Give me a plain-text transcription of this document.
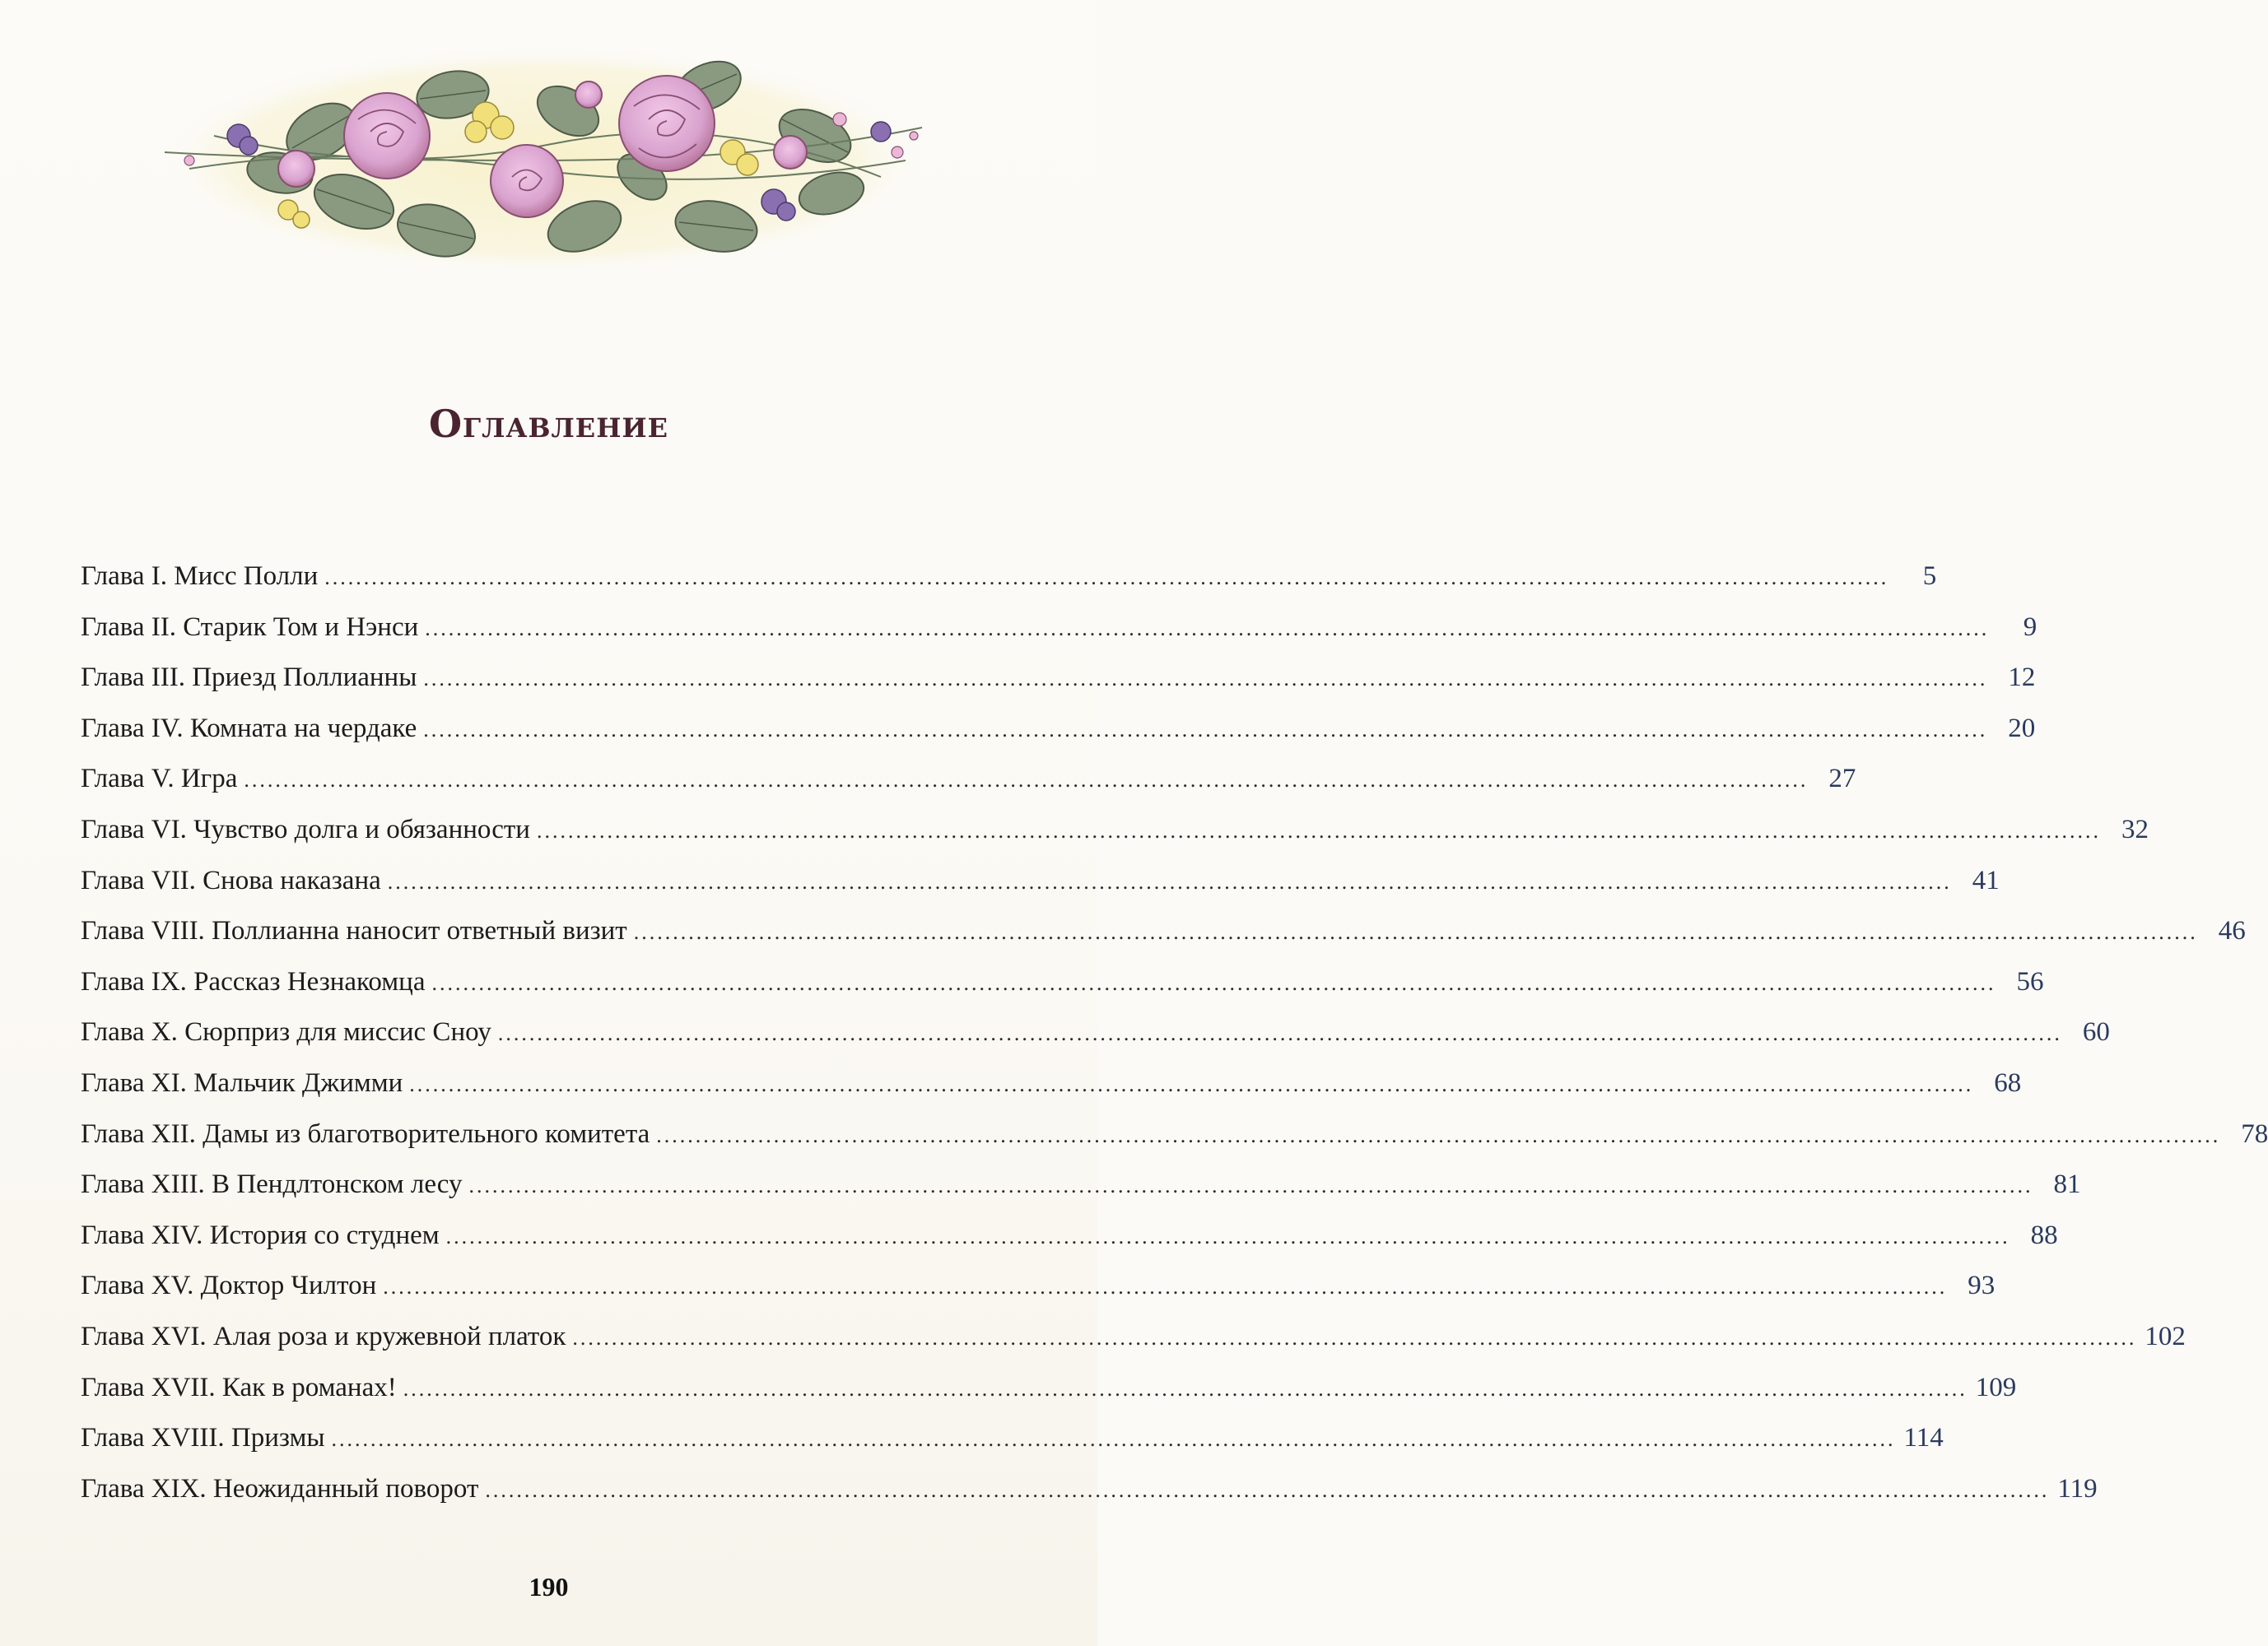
Оглавление
Глава I. Мисс Полли ........................................................................................................................................................................................................	5
Глава II. Старик Том и Нэнси ........................................................................................................................................................................................................	9
Глава III. Приезд Поллианны ........................................................................................................................................................................................................ 12
Глава IV. Комната на чердаке ........................................................................................................................................................................................................ 20
Глава V. Игра ........................................................................................................................................................................................................ 27
Глава VI. Чувство долга и обязанности ........................................................................................................................................................................................................ 32
Глава VII. Снова наказана ........................................................................................................................................................................................................ 41
Глава VIII. Поллианна наносит ответный визит ........................................................................................................................................................................................................ 46
Глава IX. Рассказ Незнакомца ........................................................................................................................................................................................................ 56
Глава X. Сюрприз для миссис Сноу ........................................................................................................................................................................................................ 60
Глава XI. Мальчик Джимми ........................................................................................................................................................................................................ 68
Глава XII. Дамы из благотворительного комитета ........................................................................................................................................................................................................ 78
Глава XIII. В Пендлтонском лесу ........................................................................................................................................................................................................ 81
Глава XIV. История со студнем ........................................................................................................................................................................................................ 88
Глава XV. Доктор Чилтон ........................................................................................................................................................................................................ 93
Глава XVI. Алая роза и кружевной платок ........................................................................................................................................................................................................ 102
Глава XVII. Как в романах! ........................................................................................................................................................................................................ 109
Глава XVIII. Призмы ........................................................................................................................................................................................................ 114
Глава XIX. Неожиданный поворот ........................................................................................................................................................................................................ 119
190
